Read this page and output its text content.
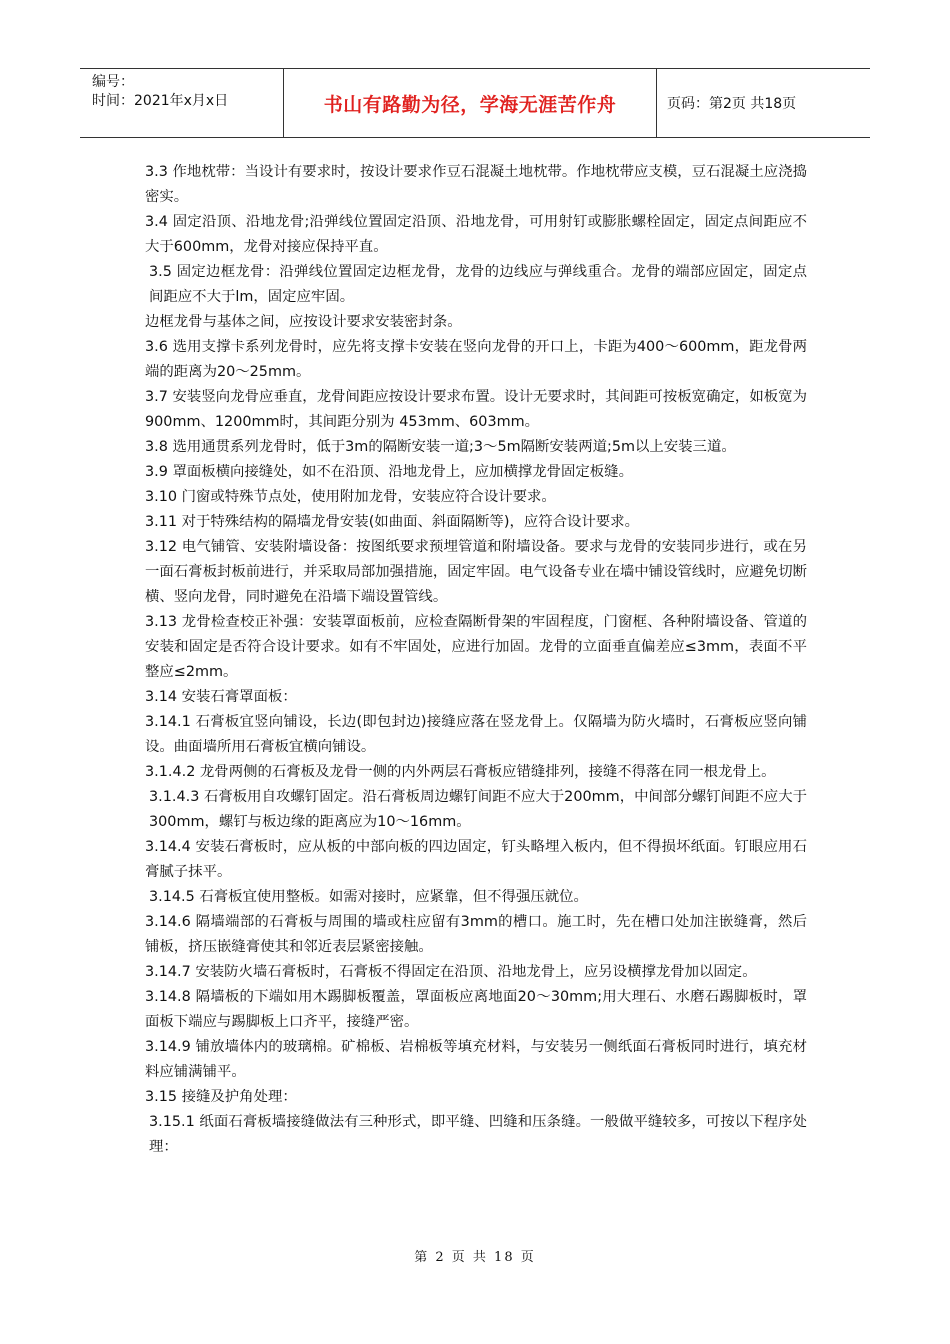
编号：
时间：2021年x月x日	书山有路勤为径，学海无涯苦作舟	页码：第2页 共18页

3.3 作地枕带：当设计有要求时，按设计要求作豆石混凝土地枕带。作地枕带应支模，豆石混凝土应浇捣密实。

3.4 固定沿顶、沿地龙骨;沿弹线位置固定沿顶、沿地龙骨，可用射钉或膨胀螺栓固定，固定点间距应不大于600mm，龙骨对接应保持平直。

3.5 固定边框龙骨：沿弹线位置固定边框龙骨，龙骨的边线应与弹线重合。龙骨的端部应固定，固定点间距应不大于lm，固定应牢固。

边框龙骨与基体之间，应按设计要求安装密封条。

3.6 选用支撑卡系列龙骨时，应先将支撑卡安装在竖向龙骨的开口上，卡距为400～600mm，距龙骨两端的距离为20～25mm。

3.7 安装竖向龙骨应垂直，龙骨间距应按设计要求布置。设计无要求时，其间距可按板宽确定，如板宽为 900mm、1200mm时，其间距分别为 453mm、603mm。

3.8 选用通贯系列龙骨时，低于3m的隔断安装一道;3～5m隔断安装两道;5m以上安装三道。

3.9 罩面板横向接缝处，如不在沿顶、沿地龙骨上，应加横撑龙骨固定板缝。

3.10 门窗或特殊节点处，使用附加龙骨，安装应符合设计要求。

3.11 对于特殊结构的隔墙龙骨安装(如曲面、斜面隔断等)，应符合设计要求。

3.12 电气铺管、安装附墙设备：按图纸要求预埋管道和附墙设备。要求与龙骨的安装同步进行，或在另一面石膏板封板前进行，并采取局部加强措施，固定牢固。电气设备专业在墙中铺设管线时，应避免切断横、竖向龙骨，同时避免在沿墙下端设置管线。

3.13 龙骨检查校正补强：安装罩面板前，应检查隔断骨架的牢固程度，门窗框、各种附墙设备、管道的安装和固定是否符合设计要求。如有不牢固处，应进行加固。龙骨的立面垂直偏差应≤3mm，表面不平整应≤2mm。

3.14 安装石膏罩面板：

3.14.1 石膏板宜竖向铺设，长边(即包封边)接缝应落在竖龙骨上。仅隔墙为防火墙时，石膏板应竖向铺设。曲面墙所用石膏板宜横向铺设。

3.1.4.2 龙骨两侧的石膏板及龙骨一侧的内外两层石膏板应错缝排列，接缝不得落在同一根龙骨上。

3.1.4.3 石膏板用自攻螺钉固定。沿石膏板周边螺钉间距不应大于200mm，中间部分螺钉间距不应大于300mm，螺钉与板边缘的距离应为10～16mm。

3.14.4 安装石膏板时，应从板的中部向板的四边固定，钉头略埋入板内，但不得损坏纸面。钉眼应用石膏腻子抹平。

3.14.5 石膏板宜使用整板。如需对接时，应紧靠，但不得强压就位。

3.14.6 隔墙端部的石膏板与周围的墙或柱应留有3mm的槽口。施工时，先在槽口处加注嵌缝膏，然后铺板，挤压嵌缝膏使其和邻近表层紧密接触。

3.14.7 安装防火墙石膏板时，石膏板不得固定在沿顶、沿地龙骨上，应另设横撑龙骨加以固定。

3.14.8 隔墙板的下端如用木踢脚板覆盖，罩面板应离地面20～30mm;用大理石、水磨石踢脚板时，罩面板下端应与踢脚板上口齐平，接缝严密。

3.14.9 铺放墙体内的玻璃棉。矿棉板、岩棉板等填充材料，与安装另一侧纸面石膏板同时进行，填充材料应铺满铺平。

3.15 接缝及护角处理：

3.15.1 纸面石膏板墙接缝做法有三种形式，即平缝、凹缝和压条缝。一般做平缝较多，可按以下程序处理：

第 2 页 共 18 页
